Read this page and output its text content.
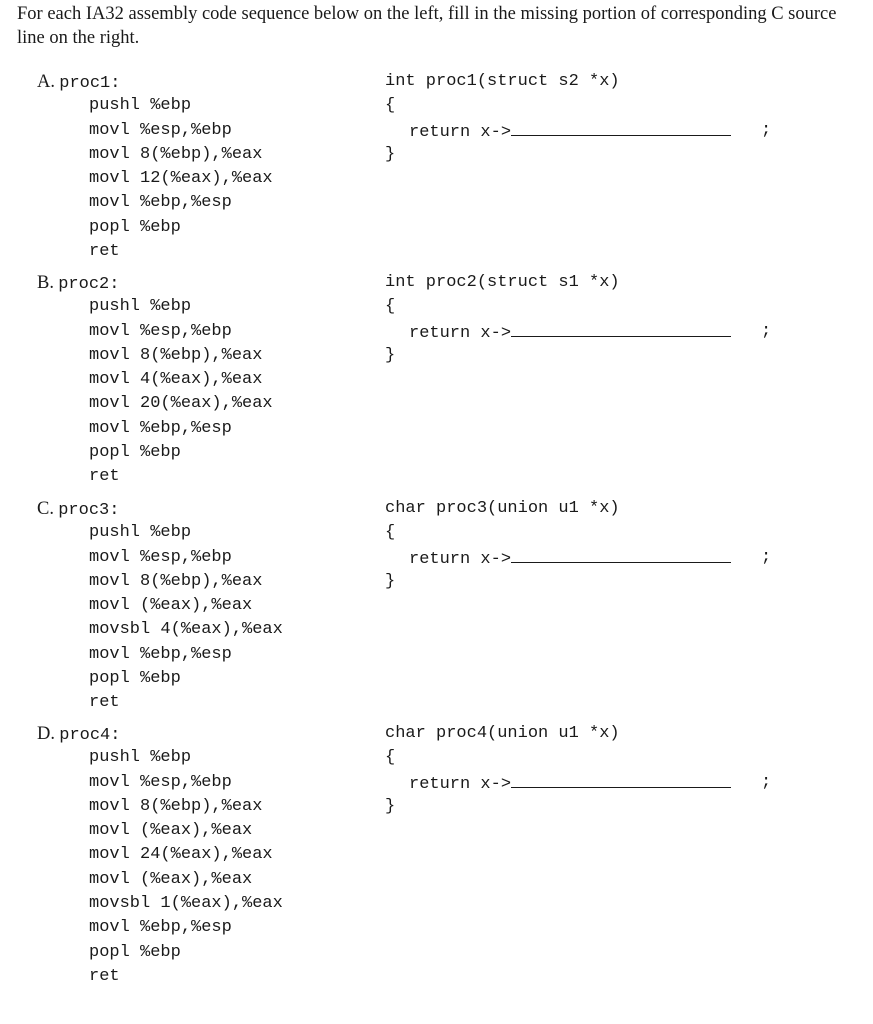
For each IA32 assembly code sequence below on the left, fill in the missing portion of corresponding C source line on the right.

A. proc1:
pushl %ebp
movl %esp,%ebp
movl 8(%ebp),%eax
movl 12(%eax),%eax
movl %ebp,%esp
popl %ebp
ret
int proc1(struct s2 *x)
{
return x->	;
}
B. proc2:
pushl %ebp
movl %esp,%ebp
movl 8(%ebp),%eax
movl 4(%eax),%eax
movl 20(%eax),%eax
movl %ebp,%esp
popl %ebp
ret
int proc2(struct s1 *x)
{
return x->	;
}
C. proc3:
pushl %ebp
movl %esp,%ebp
movl 8(%ebp),%eax
movl (%eax),%eax
movsbl 4(%eax),%eax
movl %ebp,%esp
popl %ebp
ret
char proc3(union u1 *x)
{
return x->	;
}
D. proc4:
pushl %ebp
movl %esp,%ebp
movl 8(%ebp),%eax
movl (%eax),%eax
movl 24(%eax),%eax
movl (%eax),%eax
movsbl 1(%eax),%eax
movl %ebp,%esp
popl %ebp
ret
char proc4(union u1 *x)
{
return x->	;
}
